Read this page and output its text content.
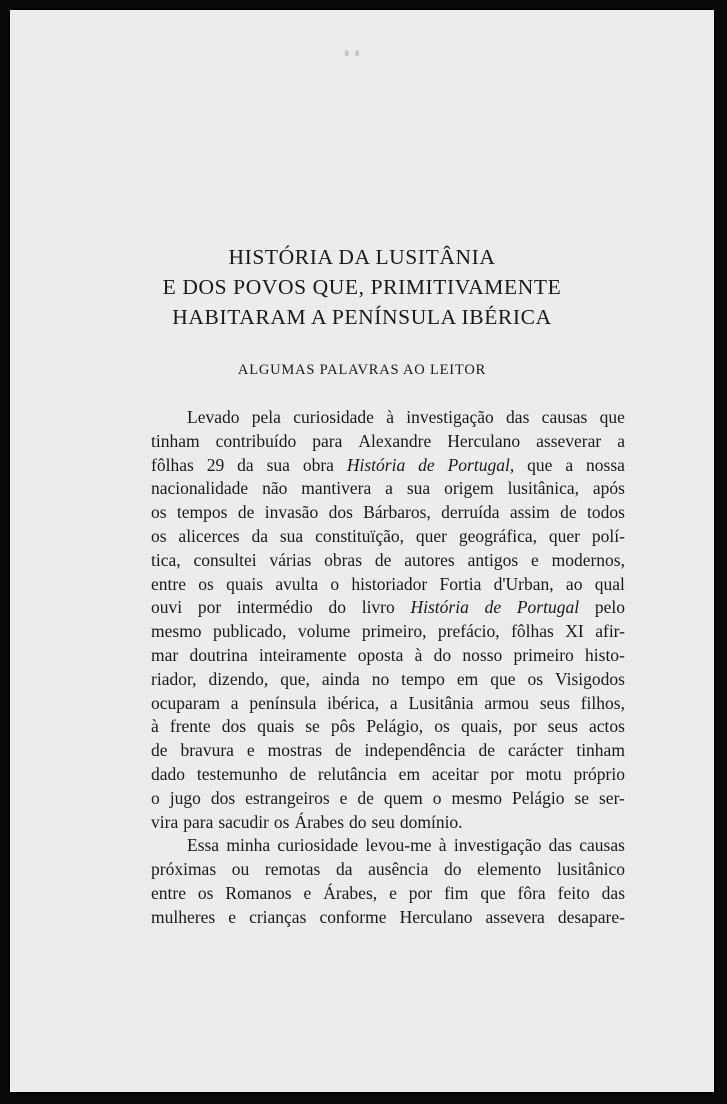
▘▝
HISTÓRIA DA LUSITÂNIA
E DOS POVOS QUE, PRIMITIVAMENTE
HABITARAM A PENÍNSULA IBÉRICA
ALGUMAS PALAVRAS AO LEITOR
Levado pela curiosidade à investigação das causas que
tinham contribuído para Alexandre Herculano asseverar a
fôlhas 29 da sua obra História de Portugal, que a nossa
nacionalidade não mantivera a sua origem lusitânica, após
os tempos de invasão dos Bárbaros, derruída assim de todos
os alicerces da sua constituïção, quer geográfica, quer polí-
tica, consultei várias obras de autores antigos e modernos,
entre os quais avulta o historiador Fortia d'Urban, ao qual
ouvi por intermédio do livro História de Portugal pelo
mesmo publicado, volume primeiro, prefácio, fôlhas XI afir-
mar doutrina inteiramente oposta à do nosso primeiro histo-
riador, dizendo, que, ainda no tempo em que os Visigodos
ocuparam a península ibérica, a Lusitânia armou seus filhos,
à frente dos quais se pôs Pelágio, os quais, por seus actos
de bravura e mostras de independência de carácter tinham
dado testemunho de relutância em aceitar por motu próprio
o jugo dos estrangeiros e de quem o mesmo Pelágio se ser-
vira para sacudir os Árabes do seu domínio.
Essa minha curiosidade levou-me à investigação das causas
próximas ou remotas da ausência do elemento lusitânico
entre os Romanos e Árabes, e por fim que fôra feito das
mulheres e crianças conforme Herculano assevera desapare-
